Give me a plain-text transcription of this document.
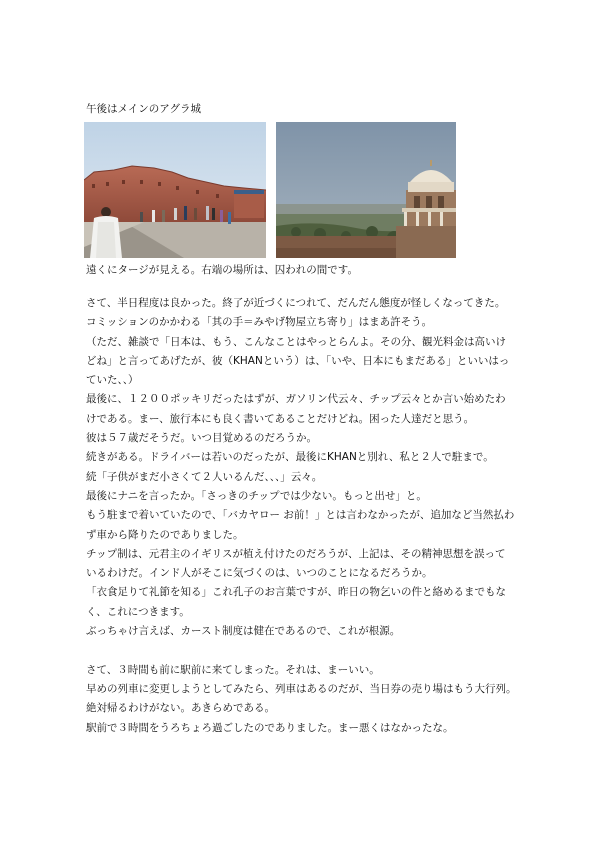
午後はメインのアグラ城
遠くにタージが見える。右端の場所は、囚われの間です。

さて、半日程度は良かった。終了が近づくにつれて、だんだん態度が怪しくなってきた。

コミッションのかかわる「其の手＝みやげ物屋立ち寄り」はまあ許そう。

（ただ、雑談で「日本は、もう、こんなことはやっとらんよ。その分、観光料金は高いけ

どね」と言ってあげたが、彼（KHANという）は、「いや、日本にもまだある」といいはっ

ていた、、）

最後に、１２００ポッキリだったはずが、ガソリン代云々、チップ云々とか言い始めたわ

けである。まー、旅行本にも良く書いてあることだけどね。困った人達だと思う。

彼は５７歳だそうだ。いつ目覚めるのだろうか。

続きがある。ドライバーは若いのだったが、最後にKHANと別れ、私と２人で駐まで。

続「子供がまだ小さくて２人いるんだ、、、」云々。

最後にナニを言ったか。「さっきのチップでは少ない。もっと出せ」と。

もう駐まで着いていたので、「バカヤロー お前！」とは言わなかったが、追加など当然払わ

ず車から降りたのでありました。

チップ制は、元君主のイギリスが植え付けたのだろうが、上記は、その精神思想を誤って

いるわけだ。インド人がそこに気づくのは、いつのことになるだろうか。

「衣食足りて礼節を知る」これ孔子のお言葉ですが、昨日の物乞いの件と絡めるまでもな

く、これにつきます。

ぶっちゃけ言えば、カースト制度は健在であるので、これが根源。

さて、３時間も前に駅前に来てしまった。それは、まーいい。

早めの列車に変更しようとしてみたら、列車はあるのだが、当日券の売り場はもう大行列。

絶対帰るわけがない。あきらめである。

駅前で３時間をうろちょろ過ごしたのでありました。まー悪くはなかったな。
